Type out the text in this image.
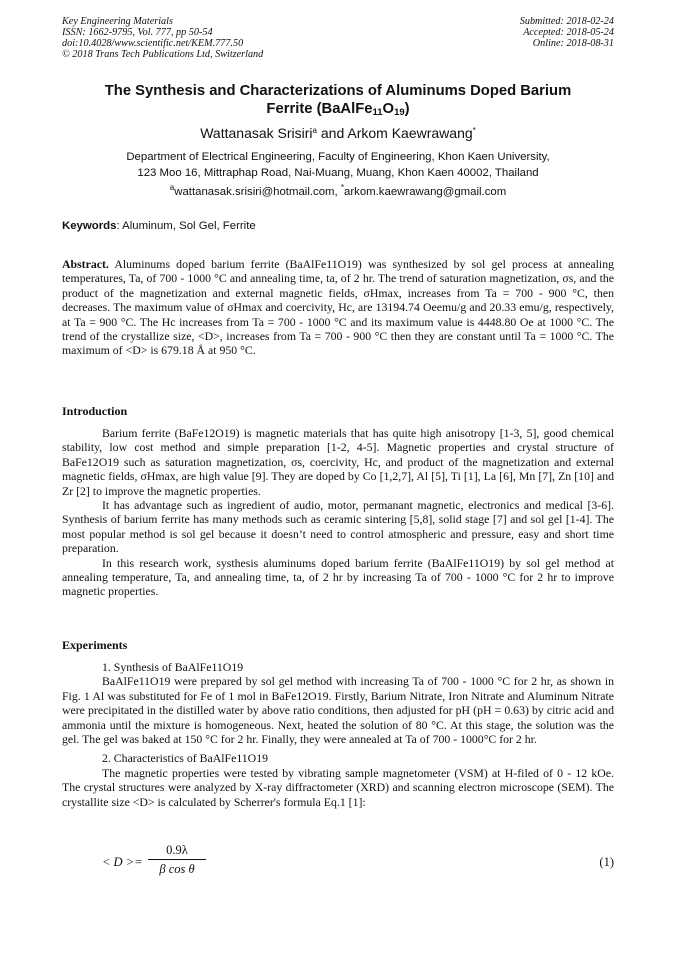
Key Engineering Materials
ISSN: 1662-9795, Vol. 777, pp 50-54
doi:10.4028/www.scientific.net/KEM.777.50
© 2018 Trans Tech Publications Ltd, Switzerland
Submitted: 2018-02-24
Accepted: 2018-05-24
Online: 2018-08-31
The Synthesis and Characterizations of Aluminums Doped Barium
Ferrite $(BaAlFe_{11}O_{19})$
Wattanasak Srisiri$^a$ and Arkom Kaewrawang*
Department of Electrical Engineering, Faculty of Engineering, Khon Kaen University,
123 Moo 16, Mittraphap Road, Nai-Muang, Muang, Khon Kaen 40002, Thailand
$^a$wattanasak.srisiri@hotmail.com, *arkom.kaewrawang@gmail.com
Keywords: Aluminum, Sol Gel, Ferrite

Abstract. Aluminums doped barium ferrite (BaAlFe11O19) was synthesized by sol gel process at annealing temperatures, Ta, of 700 - 1000 °C and annealing time, ta, of 2 hr. The trend of saturation magnetization, σs, and the product of the magnetization and external magnetic fields, σHmax, increases from Ta = 700 - 900 °C, then decreases. The maximum value of σHmax and coercivity, Hc, are 13194.74 Oeemu/g and 20.33 emu/g, respectively, at Ta = 900 °C. The Hc increases from Ta = 700 - 1000 °C and its maximum value is 4448.80 Oe at 1000 °C. The trend of the crystallize size, <D>, increases from Ta = 700 - 900 °C then they are constant until Ta = 1000 °C. The maximum of <D> is 679.18 Å at 950 °C.

Introduction

Barium ferrite (BaFe12O19) is magnetic materials that has quite high anisotropy [1-3, 5], good chemical stability, low cost method and simple preparation [1-2, 4-5]. Magnetic properties and crystal structure of BaFe12O19 such as saturation magnetization, σs, coercivity, Hc, and product of the magnetization and external magnetic fields, σHmax, are high value [9]. They are doped by Co [1,2,7], Al [5], Ti [1], La [6], Mn [7], Zn [10] and Zr [2] to improve the magnetic properties.

It has advantage such as ingredient of audio, motor, permanant magnetic, electronics and medical [3-6]. Synthesis of barium ferrite has many methods such as ceramic sintering [5,8], solid stage [7] and sol gel [1-4]. The most popular method is sol gel because it doesn’t need to control atmospheric and pressure, easy and short time preparation.

In this research work, systhesis aluminums doped barium ferrite (BaAlFe11O19) by sol gel method at annealing temperature, Ta, and annealing time, ta, of 2 hr by increasing Ta of 700 - 1000 °C for 2 hr to improve magnetic properties.

Experiments

1. Synthesis of BaAlFe11O19

BaAlFe11O19 were prepared by sol gel method with increasing Ta of 700 - 1000 °C for 2 hr, as shown in Fig. 1 Al was substituted for Fe of 1 mol in BaFe12O19. Firstly, Barium Nitrate, Iron Nitrate and Aluminum Nitrate were precipitated in the distilled water by above ratio conditions, then adjusted for pH (pH = 0.63) by citric acid and ammonia until the mixture is homogeneous. Next, heated the solution of 80 °C. At this stage, the solution was the gel. The gel was baked at 150 °C for 2 hr. Finally, they were annealed at Ta of 700 - 1000°C for 2 hr.

2. Characteristics of BaAlFe11O19

The magnetic properties were tested by vibrating sample magnetometer (VSM) at H-filed of 0 - 12 kOe. The crystal structures were analyzed by X-ray diffractometer (XRD) and scanning electron microscope (SEM). The crystallite size <D> is calculated by Scherrer's formula Eq.1 [1]:

< D >=
0.9λ
β cos θ	(1)
